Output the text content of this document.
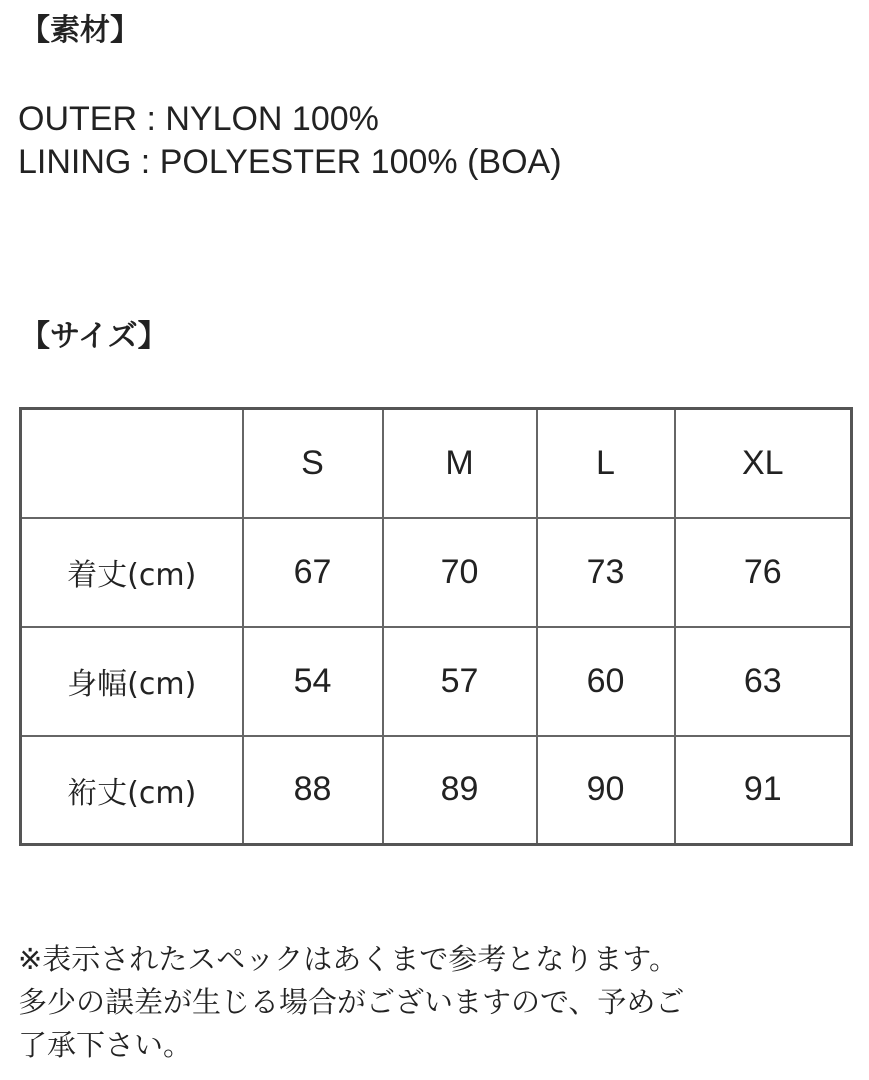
【素材】
OUTER : NYLON 100%
LINING : POLYESTER 100% (BOA)
【サイズ】
	S	M	L	XL
着丈(cm)	67	70	73	76
身幅(cm)	54	57	60	63
裄丈(cm)	88	89	90	91
※表示されたスペックはあくまで参考となります。
多少の誤差が生じる場合がございますので、予めご
了承下さい。
